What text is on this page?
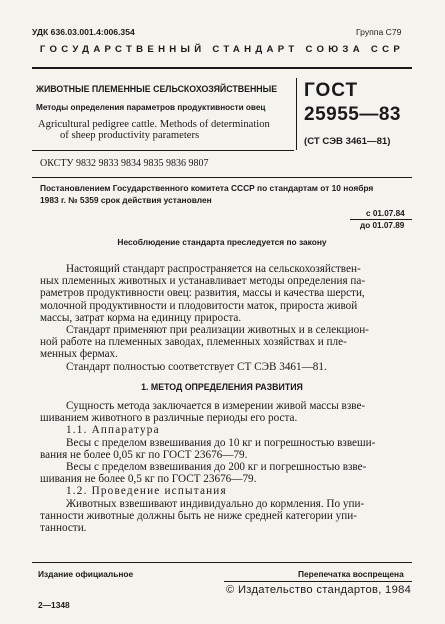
УДК 636.03.001.4:006.354	Группа С79
ГОСУДАРСТВЕННЫЙ СТАНДАРТ СОЮЗА ССР
ЖИВОТНЫЕ ПЛЕМЕННЫЕ СЕЛЬСКОХОЗЯЙСТВЕННЫЕ
Методы определения параметров продуктивности овец
Agricultural pedigree cattle. Methods of determination
of sheep productivity parameters
ГОСТ
25955—83
(СТ СЭВ 3461—81)
ОКСТУ 9832 9833 9834 9835 9836 9807
Постановлением Государственного комитета СССР по стандартам от 10 ноября
1983 г. № 5359 срок действия установлен
с 01.07.84
до 01.07.89
Несоблюдение стандарта преследуется по закону
Настоящий стандарт распространяется на сельскохозяйствен-
ных племенных животных и устанавливает методы определения па-
раметров продуктивности овец: развития, массы и качества шерсти,
молочной продуктивности и плодовитости маток, прироста живой
массы, затрат корма на единицу прироста.
Стандарт применяют при реализации животных и в селекцион-
ной работе на племенных заводах, племенных хозяйствах и пле-
менных фермах.
Стандарт полностью соответствует СТ СЭВ 3461—81.
1. МЕТОД ОПРЕДЕЛЕНИЯ РАЗВИТИЯ
Сущность метода заключается в измерении живой массы взве-
шиванием животного в различные периоды его роста.
1.1. Аппаратура
Весы с пределом взвешивания до 10 кг и погрешностью взвеши-
вания не более 0,05 кг по ГОСТ 23676—79.
Весы с пределом взвешивания до 200 кг и погрешностью взве-
шивания не более 0,5 кг по ГОСТ 23676—79.
1.2. Проведение испытания
Животных взвешивают индивидуально до кормления. По упи-
танности животные должны быть не ниже средней категории упи-
танности.
Издание официальное	Перепечатка воспрещена
© Издательство стандартов, 1984
2—1348
